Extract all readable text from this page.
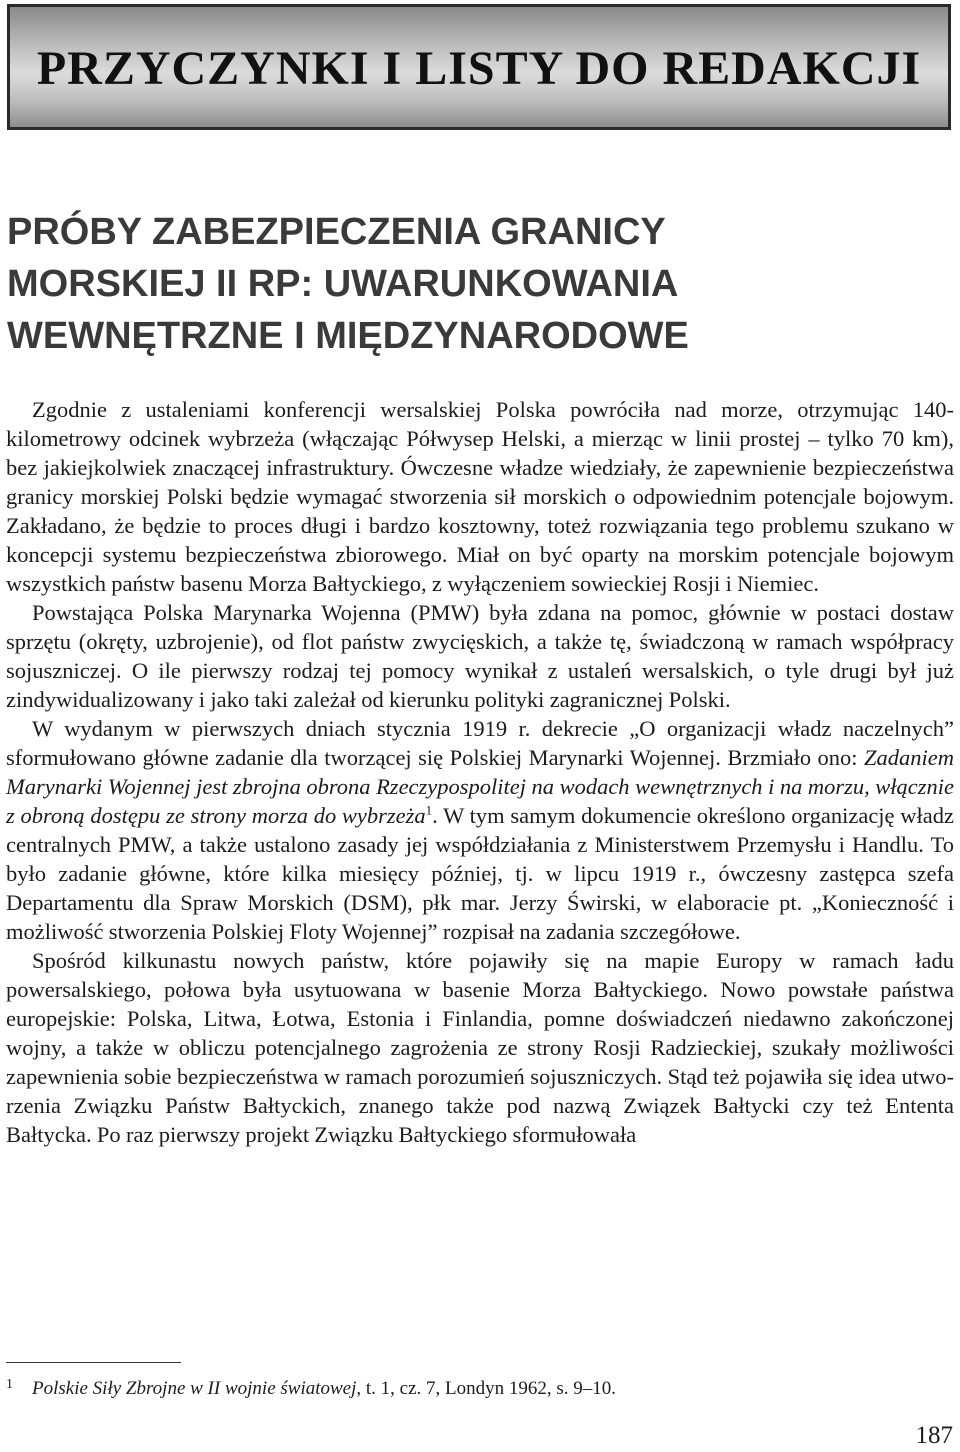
PRZYCZYNKI I LISTY DO REDAKCJI
PRÓBY ZABEZPIECZENIA GRANICY
MORSKIEJ II RP: UWARUNKOWANIA
WEWNĘTRZNE I MIĘDZYNARODOWE

Zgodnie z ustaleniami konferencji wersalskiej Polska powróciła nad morze, otrzymując 140-kilometrowy odcinek wybrzeża (włączając Półwysep Helski, a mierząc w linii prostej – tylko 70 km), bez jakiejkolwiek znaczącej infrastruktury. Ówczesne władze wiedziały, że zapewnienie bezpieczeństwa granicy morskiej Polski będzie wymagać stworzenia sił morskich o odpowiednim potencjale bojowym. Zakładano, że będzie to proces długi i bardzo kosztowny, toteż rozwiązania tego problemu szukano w koncepcji systemu bezpieczeństwa zbiorowego. Miał on być oparty na morskim potencjale bojowym wszystkich państw basenu Morza Bałtyckiego, z wyłączeniem sowieckiej Rosji i Niemiec.

Powstająca Polska Marynarka Wojenna (PMW) była zdana na pomoc, głównie w postaci dostaw sprzętu (okręty, uzbrojenie), od flot państw zwycięskich, a także tę, świadczoną w ramach współpracy sojuszniczej. O ile pierwszy rodzaj tej pomocy wynikał z ustaleń wersalskich, o tyle drugi był już zindywidualizowany i jako taki zależał od kierunku polityki zagranicznej Polski.

W wydanym w pierwszych dniach stycznia 1919 r. dekrecie „O organizacji władz naczelnych” sformułowano główne zadanie dla tworzącej się Polskiej Marynarki Wojennej. Brzmiało ono: Zadaniem Marynarki Wojennej jest zbrojna obrona Rzeczypospolitej na wodach wewnętrznych i na morzu, włącznie z obroną dostępu ze strony morza do wybrzeża$^1$. W tym samym dokumencie określono organizację władz centralnych PMW, a także ustalono zasady jej współdziałania z Ministerstwem Przemysłu i Handlu. To było zadanie główne, które kilka miesięcy później, tj. w lipcu 1919 r., ówczesny zastępca szefa Departamentu dla Spraw Morskich (DSM), płk mar. Jerzy Świrski, w elaboracie pt. „Konieczność i możliwość stworzenia Polskiej Floty Wojennej” rozpisał na zadania szczegółowe.

Spośród kilkunastu nowych państw, które pojawiły się na mapie Europy w ramach ładu powersalskiego, połowa była usytuowana w basenie Morza Bałtyckiego. Nowo powstałe państwa europejskie: Polska, Litwa, Łotwa, Estonia i Finlandia, pomne doświadczeń niedawno zakończonej wojny, a także w obliczu potencjalnego zagrożenia ze strony Rosji Radzieckiej, szukały możliwości zapewnienia sobie bezpieczeństwa w ramach porozumień sojuszniczych. Stąd też pojawiła się idea utworzenia Związku Państw Bałtyckich, znanego także pod nazwą Związek Bałtycki czy też Ententa Bałtycka. Po raz pierwszy projekt Związku Bałtyckiego sformułowała

1 Polskie Siły Zbrojne w II wojnie światowej, t. 1, cz. 7, Londyn 1962, s. 9–10.
187
